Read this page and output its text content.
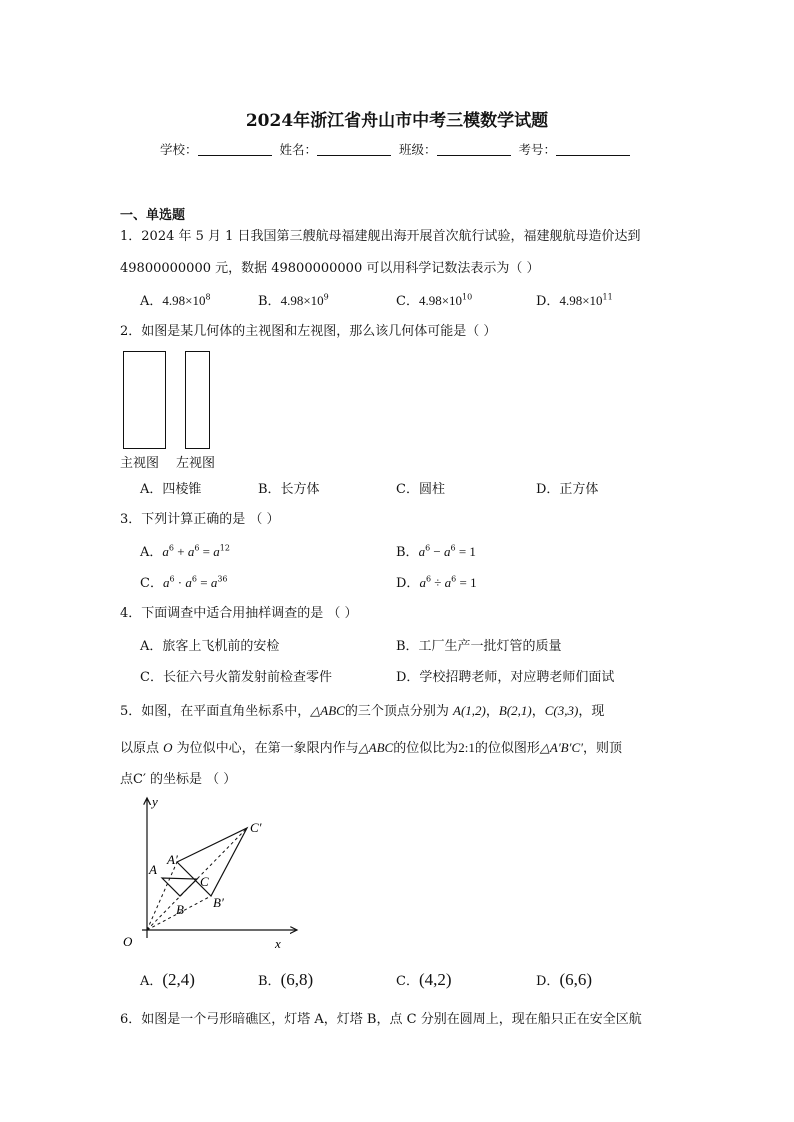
2024年浙江省舟山市中考三模数学试题
学校：	姓名：	班级：	考号：
一、单选题
1．2024 年 5 月 1 日我国第三艘航母福建舰出海开展首次航行试验，福建舰航母造价达到
49800000000 元，数据 49800000000 可以用科学记数法表示为（ ）
A．$4.98\times 10^8$	B．$4.98\times 10^9$	C．$4.98\times 10^{10}$	D．$4.98\times 10^{11}$
2．如图是某几何体的主视图和左视图，那么该几何体可能是（ ）
主视图 左视图
A．四棱锥	B．长方体	C．圆柱	D．正方体
3．下列计算正确的是 （ ）
A．$a^6 + a^6 = a^{12}$	B．$a^6 - a^6 = 1$
C．$a^6 \cdot a^6 = a^{36}$	D．$a^6 \div a^6 = 1$
4．下面调查中适合用抽样调查的是 （ ）
A．旅客上飞机前的安检	B．工厂生产一批灯管的质量
C．长征六号火箭发射前检查零件	D．学校招聘老师，对应聘老师们面试
5．如图，在平面直角坐标系中，△ABC的三个顶点分别为 A(1,2)，B(2,1)，C(3,3)，现
以原点 O 为位似中心，在第一象限内作与△ABC的位似比为2:1的位似图形△A′B′C′，则顶
点C′ 的坐标是 （ ）
x
y
O
A
B
C
A′
B′
C′
A．(2,4)	B．(6,8)	C．(4,2)	D．(6,6)
6．如图是一个弓形暗礁区，灯塔 A，灯塔 B，点 C 分别在圆周上，现在船只正在安全区航
